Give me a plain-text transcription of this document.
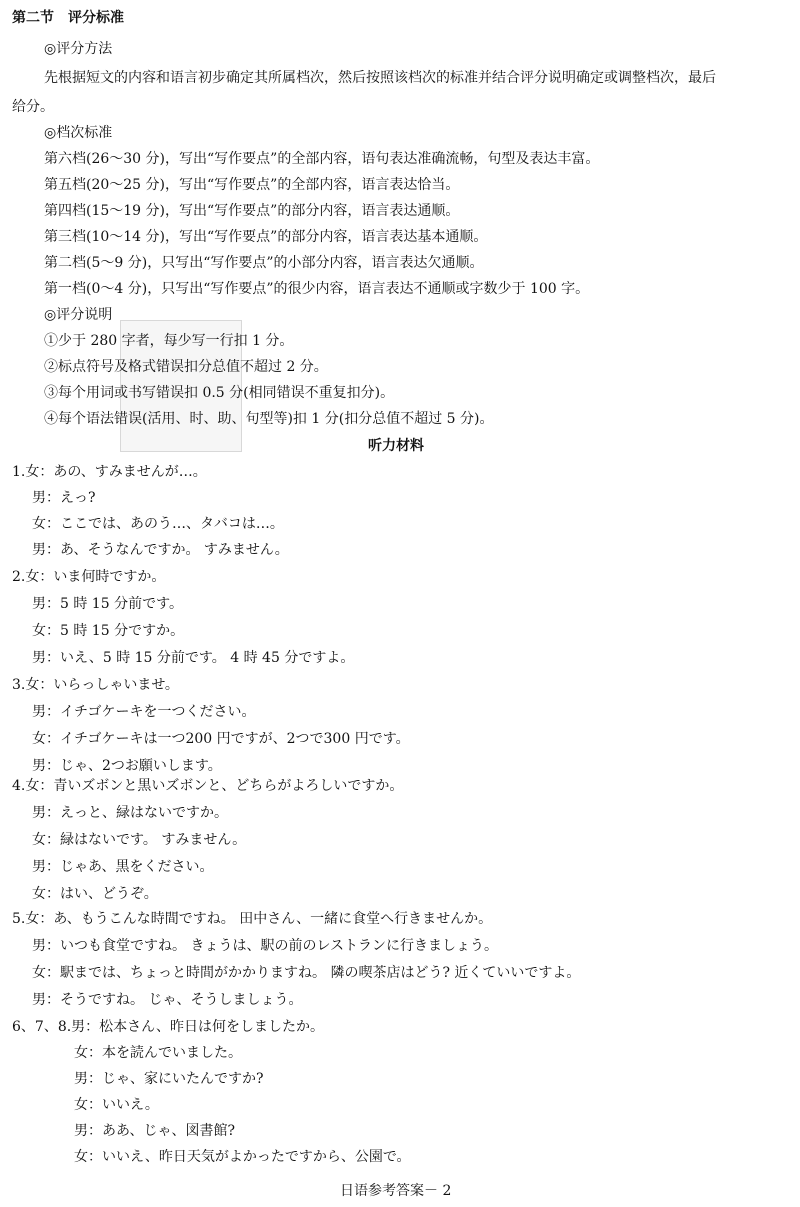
第二节　评分标准
◎评分方法
先根据短文的内容和语言初步确定其所属档次，然后按照该档次的标准并结合评分说明确定或调整档次，最后
给分。
◎档次标准
第六档(26～30 分)，写出“写作要点”的全部内容，语句表达准确流畅，句型及表达丰富。
第五档(20～25 分)，写出“写作要点”的全部内容，语言表达恰当。
第四档(15～19 分)，写出“写作要点”的部分内容，语言表达通顺。
第三档(10～14 分)，写出“写作要点”的部分内容，语言表达基本通顺。
第二档(5～9 分)，只写出“写作要点”的小部分内容，语言表达欠通顺。
第一档(0～4 分)，只写出“写作要点”的很少内容，语言表达不通顺或字数少于 100 字。
◎评分说明
①少于 280 字者，每少写一行扣 1 分。
②标点符号及格式错误扣分总值不超过 2 分。
③每个用词或书写错误扣 0.5 分(相同错误不重复扣分)。
④每个语法错误(活用、时、助、句型等)扣 1 分(扣分总值不超过 5 分)。
听力材料
1.女：あの、すみませんが…。
男：えっ?
女：ここでは、あのう…、タバコは…。
男：あ、そうなんですか。 すみません。
2.女：いま何時ですか。
男：5 時 15 分前です。
女：5 時 15 分ですか。
男：いえ、5 時 15 分前です。 4 時 45 分ですよ。
3.女：いらっしゃいませ。
男：イチゴケーキを一つください。
女：イチゴケーキは一つ200 円ですが、2つで300 円です。
男：じゃ、2つお願いします。
4.女：青いズボンと黒いズボンと、どちらがよろしいですか。
男：えっと、緑はないですか。
女：緑はないです。 すみません。
男：じゃあ、黒をください。
女：はい、どうぞ。
5.女：あ、もうこんな時間ですね。 田中さん、一緒に食堂へ行きませんか。
男：いつも食堂ですね。 きょうは、駅の前のレストランに行きましょう。
女：駅までは、ちょっと時間がかかりますね。 隣の喫茶店はどう? 近くていいですよ。
男：そうですね。 じゃ、そうしましょう。
6、7、8.男：松本さん、昨日は何をしましたか。
女：本を読んでいました。
男：じゃ、家にいたんですか?
女：いいえ。
男：ああ、じゃ、図書館?
女：いいえ、昨日天気がよかったですから、公園で。
日语参考答案－ 2
